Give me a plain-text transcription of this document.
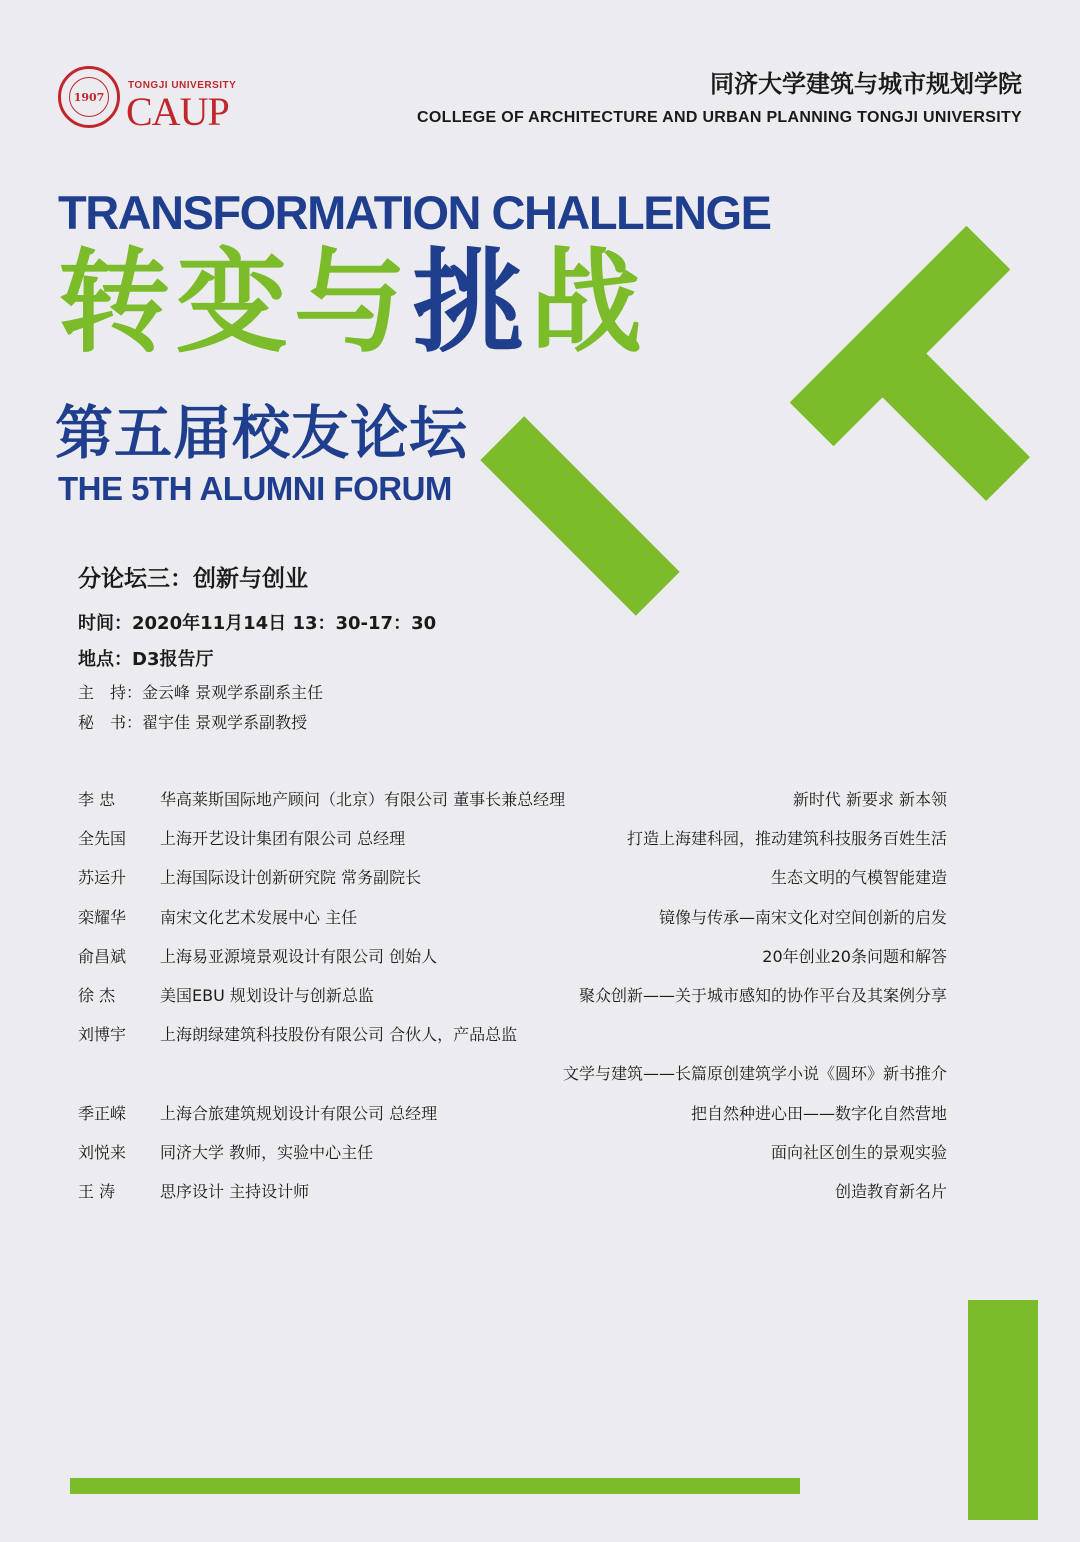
1907
TONGJI UNIVERSITY
CAUP
同济大学建筑与城市规划学院
COLLEGE OF ARCHITECTURE AND URBAN PLANNING TONGJI UNIVERSITY
TRANSFORMATION CHALLENGE
转 变 与 挑 战
第五届校友论坛
THE 5TH ALUMNI FORUM
分论坛三：创新与创业
时间：2020年11月14日 13：30-17：30
地点：D3报告厅
主　持：金云峰 景观学系副系主任
秘　书：翟宇佳 景观学系副教授
李 忠	华高莱斯国际地产顾问（北京）有限公司 董事长兼总经理	新时代 新要求 新本领
全先国 上海开艺设计集团有限公司 总经理	打造上海建科园，推动建筑科技服务百姓生活
苏运升 上海国际设计创新研究院 常务副院长	生态文明的气模智能建造
栾耀华 南宋文化艺术发展中心 主任	镜像与传承—南宋文化对空间创新的启发
俞昌斌 上海易亚源境景观设计有限公司 创始人	20年创业20条问题和解答
徐 杰	美国EBU 规划设计与创新总监	聚众创新——关于城市感知的协作平台及其案例分享
刘博宇 上海朗绿建筑科技股份有限公司 合伙人，产品总监
文学与建筑——长篇原创建筑学小说《圆环》新书推介
季正嵘 上海合旅建筑规划设计有限公司 总经理	把自然种进心田——数字化自然营地
刘悦来 同济大学 教师，实验中心主任	面向社区创生的景观实验
王 涛	思序设计 主持设计师	创造教育新名片
